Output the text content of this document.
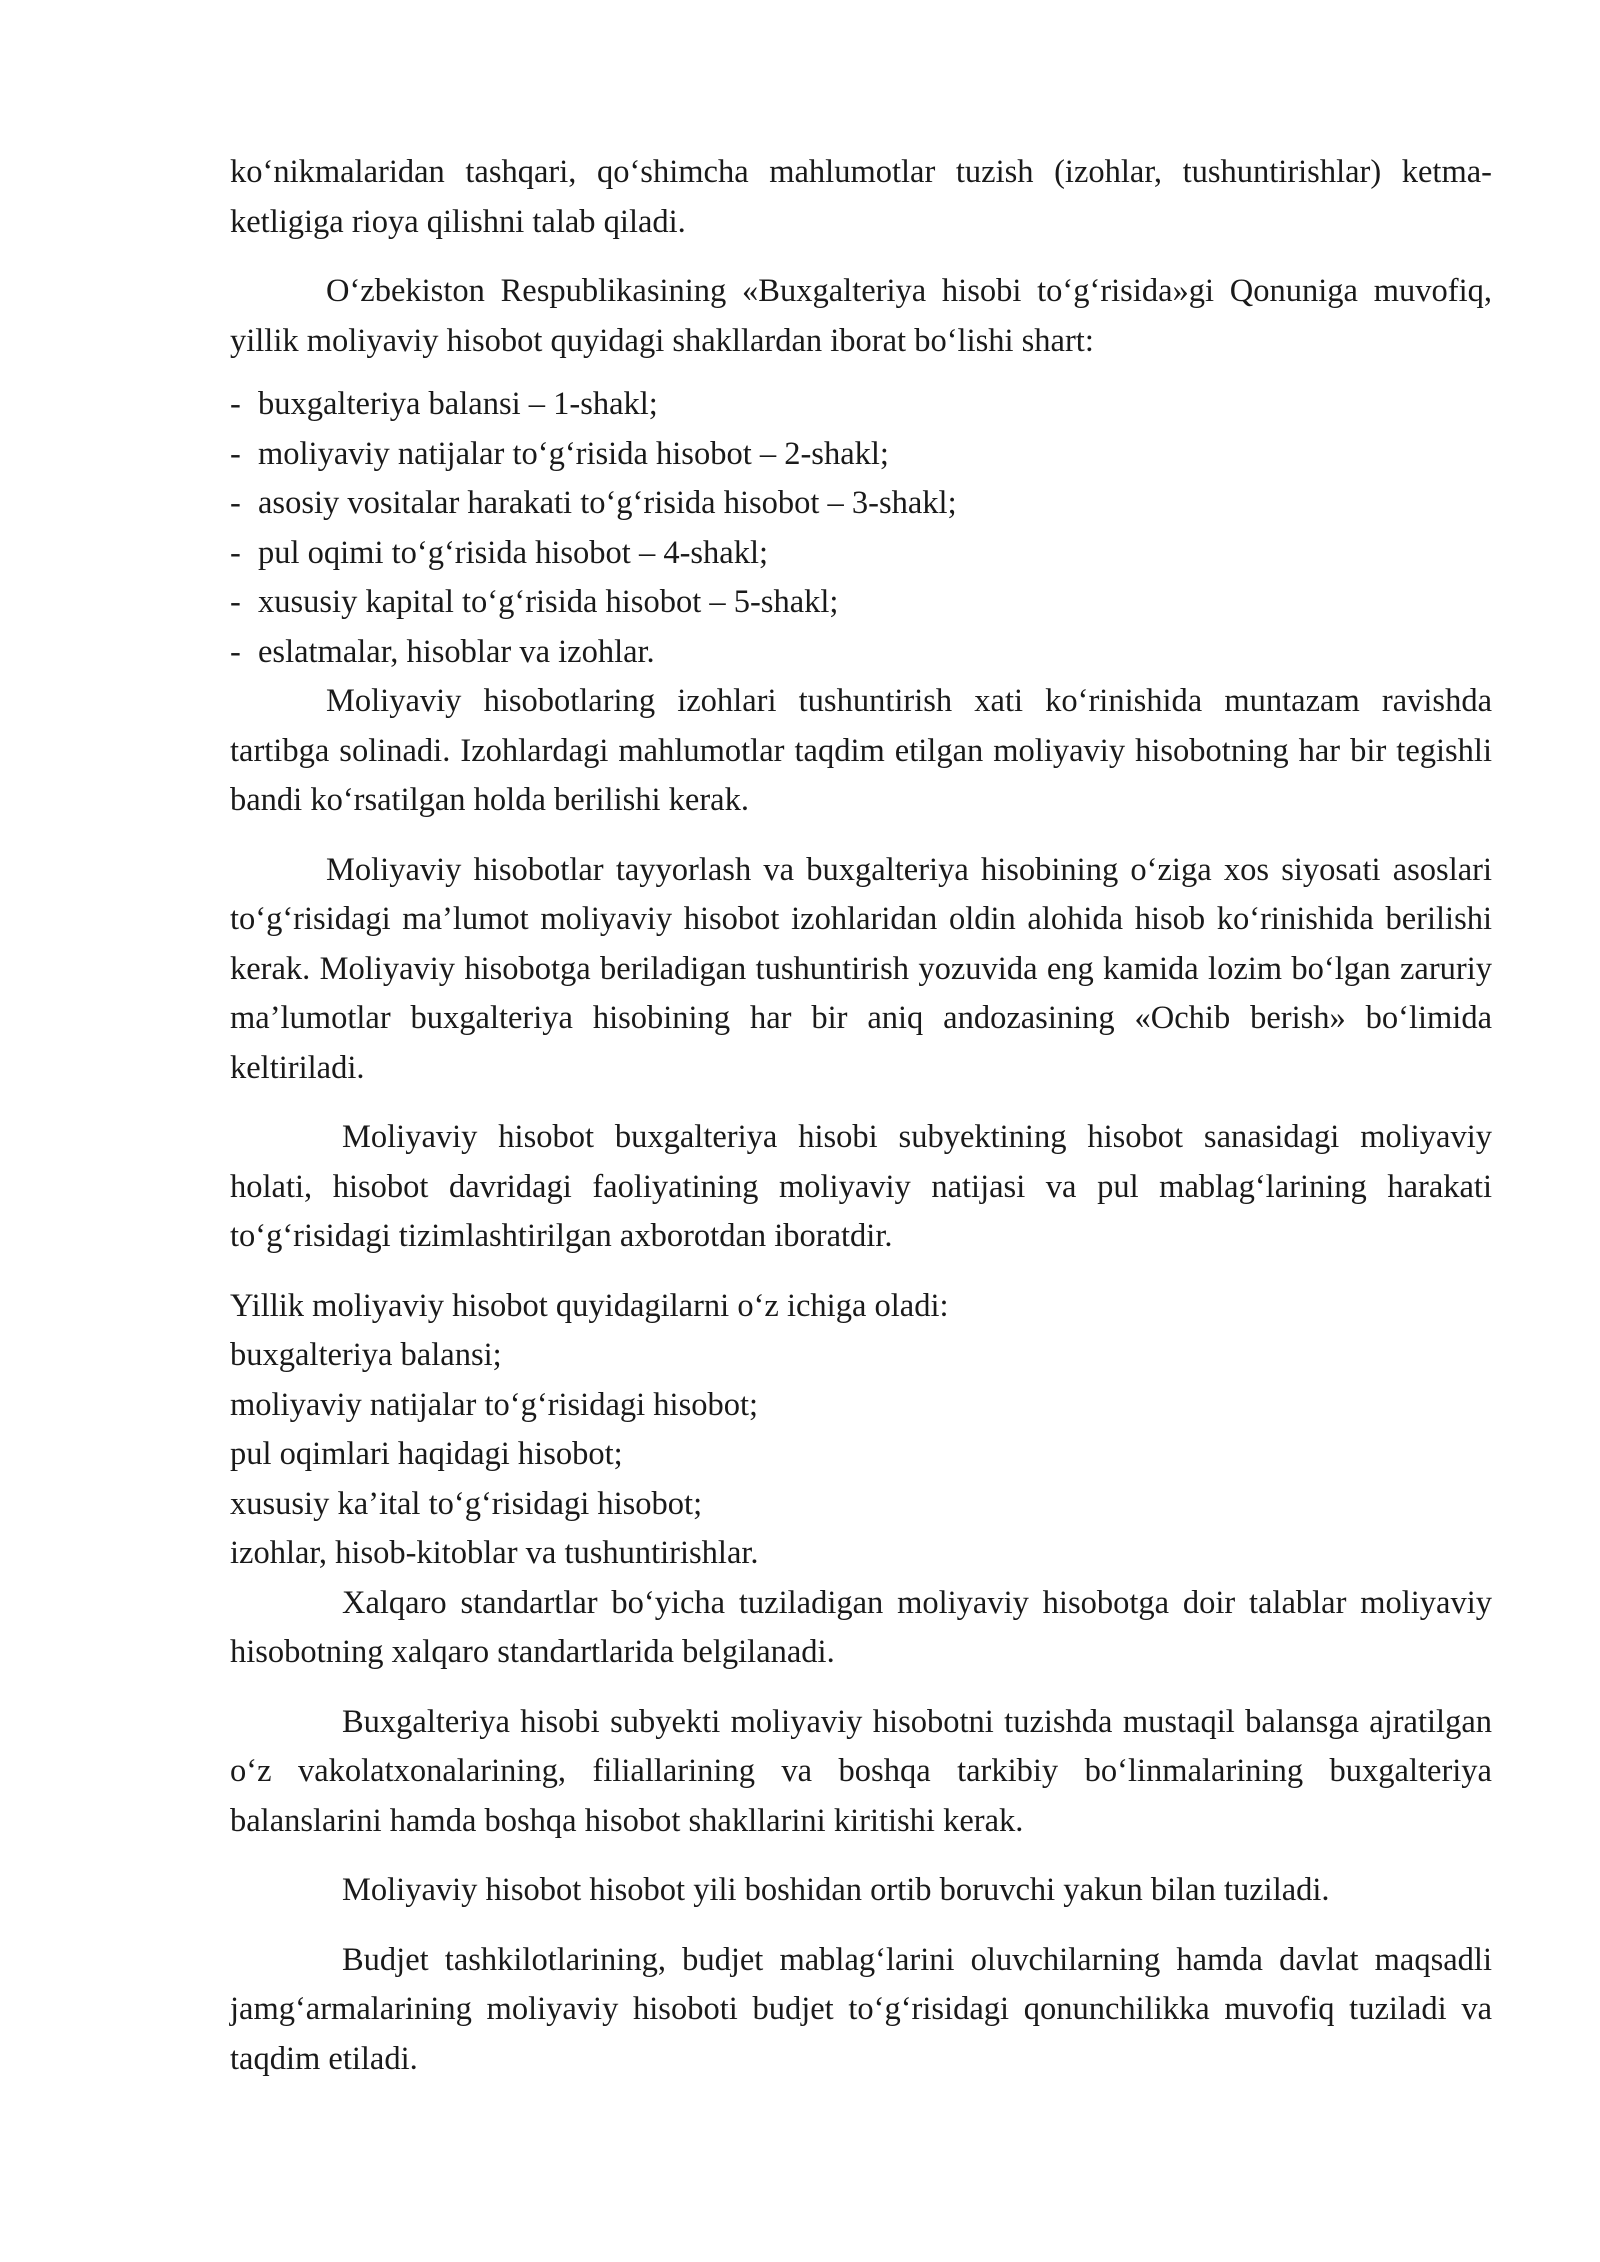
ko‘nikmalaridan tashqari, qo‘shimcha mahlumotlar tuzish (izohlar, tushuntirishlar) ketma-ketligiga rioya qilishni talab qiladi.

O‘zbekiston Respublikasining «Buxgalteriya hisobi to‘g‘risida»gi Qonuniga muvofiq, yillik moliyaviy hisobot quyidagi shakllardan iborat bo‘lishi shart:

- buxgalteriya balansi – 1-shakl;
- moliyaviy natijalar to‘g‘risida hisobot – 2-shakl;
- asosiy vositalar harakati to‘g‘risida hisobot – 3-shakl;
- pul oqimi to‘g‘risida hisobot – 4-shakl;
- xususiy kapital to‘g‘risida hisobot – 5-shakl;
- eslatmalar, hisoblar va izohlar.

Moliyaviy hisobotlaring izohlari tushuntirish xati ko‘rinishida muntazam ravishda tartibga solinadi. Izohlardagi mahlumotlar taqdim etilgan moliyaviy hisobotning har bir tegishli bandi ko‘rsatilgan holda berilishi kerak.

Moliyaviy hisobotlar tayyorlash va buxgalteriya hisobining o‘ziga xos siyosati asoslari to‘g‘risidagi ma’lumot moliyaviy hisobot izohlaridan oldin alohida hisob ko‘rinishida berilishi kerak. Moliyaviy hisobotga beriladigan tushuntirish yozuvida eng kamida lozim bo‘lgan zaruriy ma’lumotlar buxgalteriya hisobining har bir aniq andozasining «Ochib berish» bo‘limida keltiriladi.

Moliyaviy hisobot buxgalteriya hisobi subyektining hisobot sanasidagi moliyaviy holati, hisobot davridagi faoliyatining moliyaviy natijasi va pul mablag‘larining harakati to‘g‘risidagi tizimlashtirilgan axborotdan iboratdir.

Yillik moliyaviy hisobot quyidagilarni o‘z ichiga oladi:

buxgalteriya balansi;
moliyaviy natijalar to‘g‘risidagi hisobot;
pul oqimlari haqidagi hisobot;
xususiy ka’ital to‘g‘risidagi hisobot;
izohlar, hisob-kitoblar va tushuntirishlar.

Xalqaro standartlar bo‘yicha tuziladigan moliyaviy hisobotga doir talablar moliyaviy hisobotning xalqaro standartlarida belgilanadi.

Buxgalteriya hisobi subyekti moliyaviy hisobotni tuzishda mustaqil balansga ajratilgan o‘z vakolatxonalarining, filiallarining va boshqa tarkibiy bo‘linmalarining buxgalteriya balanslarini hamda boshqa hisobot shakllarini kiritishi kerak.

Moliyaviy hisobot hisobot yili boshidan ortib boruvchi yakun bilan tuziladi.

Budjet tashkilotlarining, budjet mablag‘larini oluvchilarning hamda davlat maqsadli jamg‘armalarining moliyaviy hisoboti budjet to‘g‘risidagi qonunchilikka muvofiq tuziladi va taqdim etiladi.
